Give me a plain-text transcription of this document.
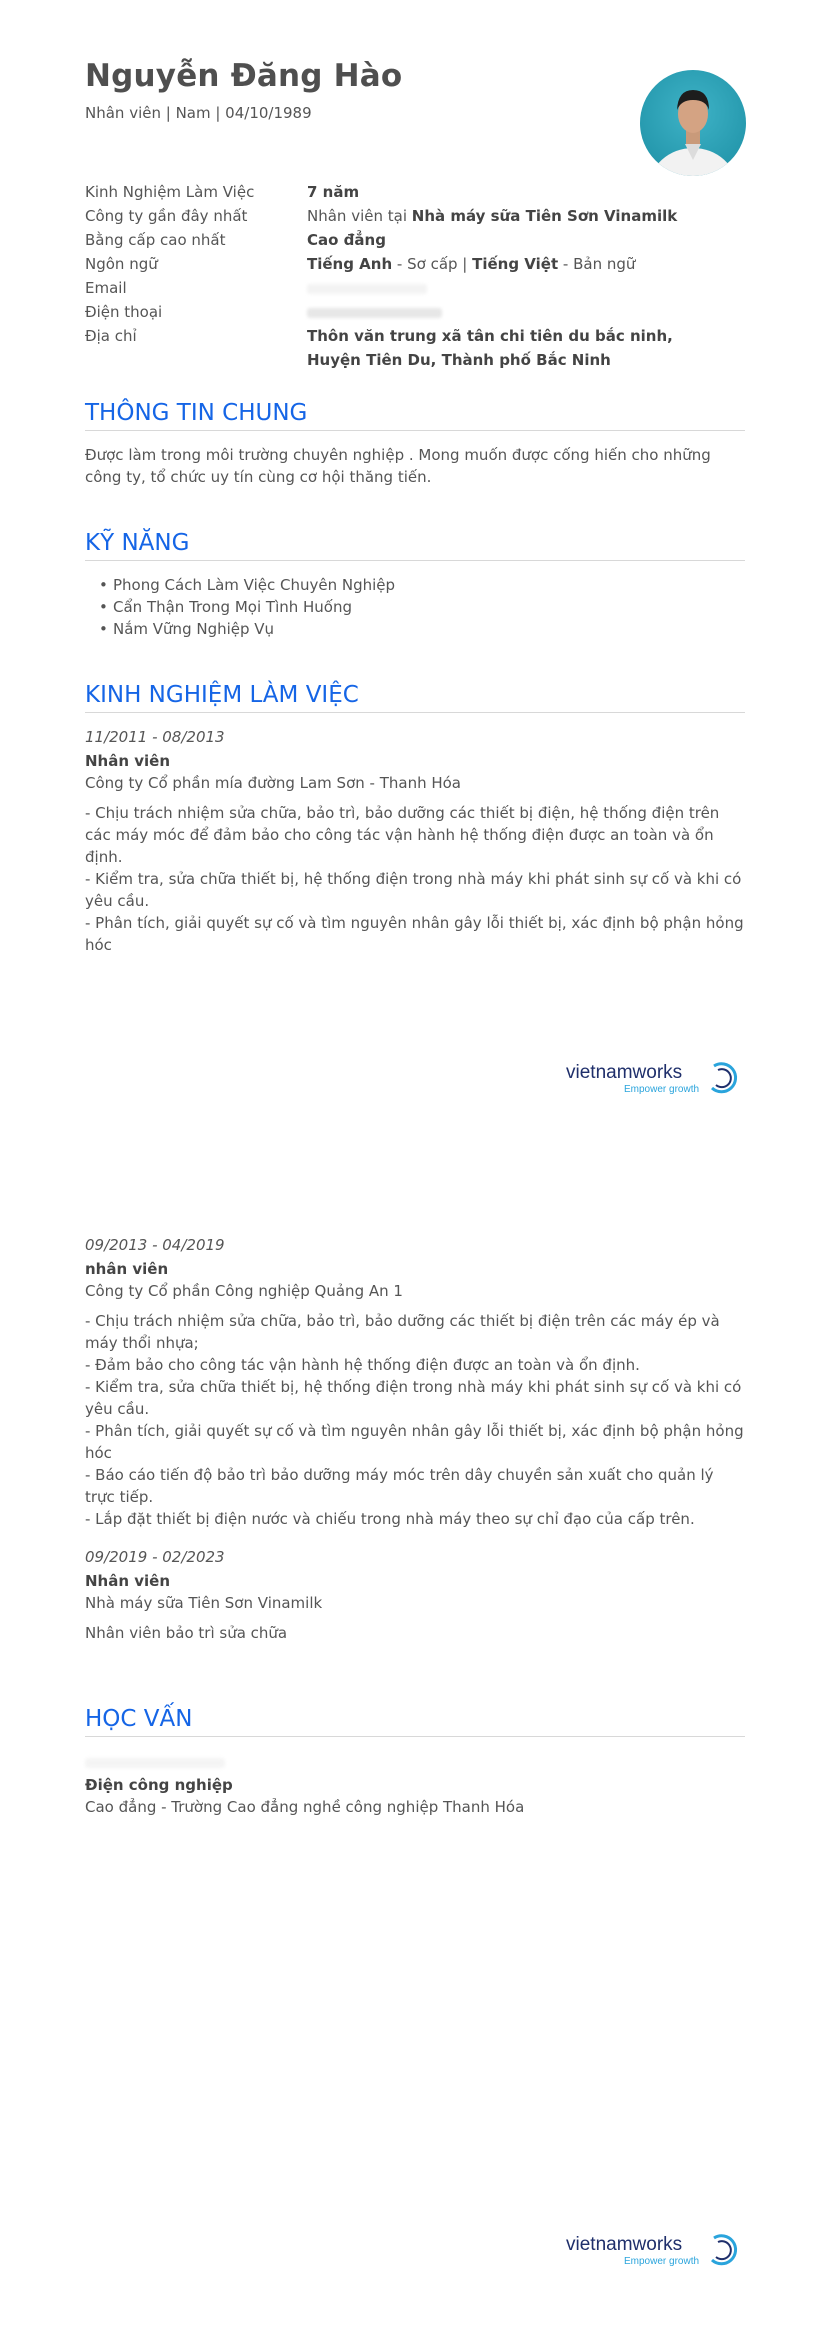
Nguyễn Đăng Hào
Nhân viên | Nam | 04/10/1989
Kinh Nghiệm Làm Việc	7 năm
Công ty gần đây nhất	Nhân viên tại Nhà máy sữa Tiên Sơn Vinamilk
Bằng cấp cao nhất	Cao đẳng
Ngôn ngữ	Tiếng Anh - Sơ cấp | Tiếng Việt - Bản ngữ
Email
Điện thoại
Địa chỉ	Thôn văn trung xã tân chi tiên du bắc ninh, Huyện Tiên Du, Thành phố Bắc Ninh
THÔNG TIN CHUNG
Được làm trong môi trường chuyên nghiệp . Mong muốn được cống hiến cho những công ty, tổ chức uy tín cùng cơ hội thăng tiến.
KỸ NĂNG
• Phong Cách Làm Việc Chuyên Nghiệp
• Cẩn Thận Trong Mọi Tình Huống
• Nắm Vững Nghiệp Vụ
KINH NGHIỆM LÀM VIỆC
11/2011 - 08/2013
Nhân viên
Công ty Cổ phần mía đường Lam Sơn - Thanh Hóa
- Chịu trách nhiệm sửa chữa, bảo trì, bảo dưỡng các thiết bị điện, hệ thống điện trên các máy móc để đảm bảo cho công tác vận hành hệ thống điện được an toàn và ổn định.
- Kiểm tra, sửa chữa thiết bị, hệ thống điện trong nhà máy khi phát sinh sự cố và khi có yêu cầu.
- Phân tích, giải quyết sự cố và tìm nguyên nhân gây lỗi thiết bị, xác định bộ phận hỏng hóc
vietnamworks
Empower growth
09/2013 - 04/2019
nhân viên
Công ty Cổ phần Công nghiệp Quảng An 1
- Chịu trách nhiệm sửa chữa, bảo trì, bảo dưỡng các thiết bị điện trên các máy ép và máy thổi nhựa;
- Đảm bảo cho công tác vận hành hệ thống điện được an toàn và ổn định.
- Kiểm tra, sửa chữa thiết bị, hệ thống điện trong nhà máy khi phát sinh sự cố và khi có yêu cầu.
- Phân tích, giải quyết sự cố và tìm nguyên nhân gây lỗi thiết bị, xác định bộ phận hỏng hóc
- Báo cáo tiến độ bảo trì bảo dưỡng máy móc trên dây chuyền sản xuất cho quản lý trực tiếp.
- Lắp đặt thiết bị điện nước và chiếu trong nhà máy theo sự chỉ đạo của cấp trên.
09/2019 - 02/2023
Nhân viên
Nhà máy sữa Tiên Sơn Vinamilk
Nhân viên bảo trì sửa chữa
HỌC VẤN
Điện công nghiệp
Cao đẳng - Trường Cao đẳng nghề công nghiệp Thanh Hóa
vietnamworks
Empower growth
